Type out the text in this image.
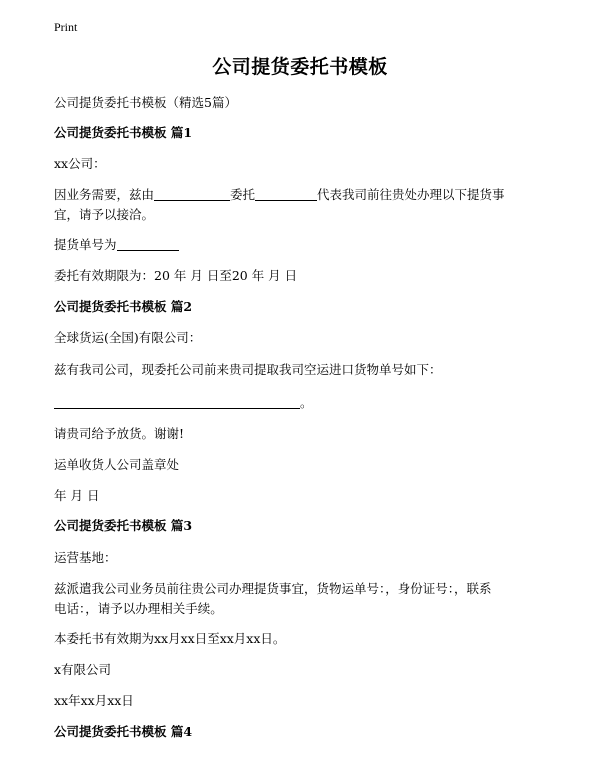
Print
公司提货委托书模板
公司提货委托书模板（精选5篇）
公司提货委托书模板 篇1
xx公司：
因业务需要，兹由	委托	代表我司前往贵处办理以下提货事
宜，请予以接洽。
提货单号为
委托有效期限为：20 年 月 日至20 年 月 日
公司提货委托书模板 篇2
全球货运(全国)有限公司：
兹有我司公司，现委托公司前来贵司提取我司空运进口货物单号如下：
。
请贵司给予放货。谢谢!
运单收货人公司盖章处
年 月 日
公司提货委托书模板 篇3
运营基地：
兹派遣我公司业务员前往贵公司办理提货事宜，货物运单号：，身份证号：，联系
电话：，请予以办理相关手续。
本委托书有效期为xx月xx日至xx月xx日。
x有限公司
xx年xx月xx日
公司提货委托书模板 篇4
